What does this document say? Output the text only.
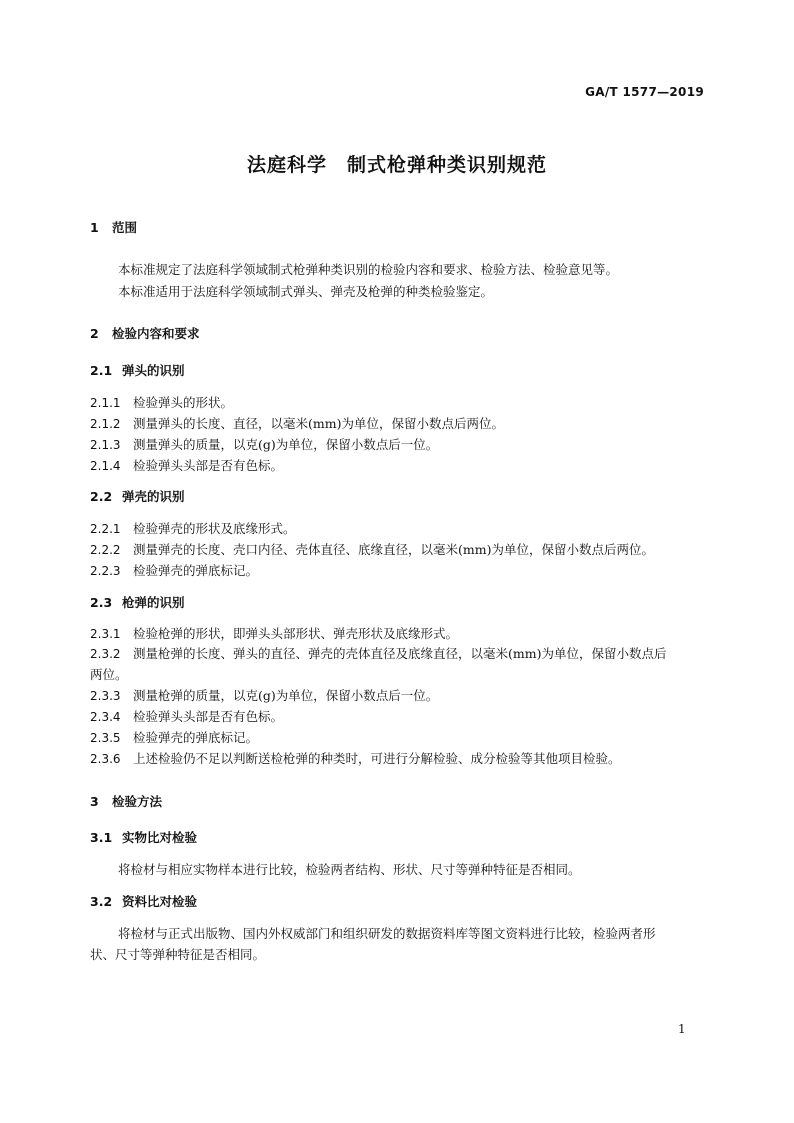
GA/T 1577—2019
法庭科学　制式枪弹种类识别规范
1 范围
本标准规定了法庭科学领域制式枪弹种类识别的检验内容和要求、检验方法、检验意见等。
本标准适用于法庭科学领域制式弹头、弹壳及枪弹的种类检验鉴定。
2 检验内容和要求
2.1 弹头的识别
2.1.1 检验弹头的形状。
2.1.2 测量弹头的长度、直径，以毫米(mm)为单位，保留小数点后两位。
2.1.3 测量弹头的质量，以克(g)为单位，保留小数点后一位。
2.1.4 检验弹头头部是否有色标。
2.2 弹壳的识别
2.2.1 检验弹壳的形状及底缘形式。
2.2.2 测量弹壳的长度、壳口内径、壳体直径、底缘直径，以毫米(mm)为单位，保留小数点后两位。
2.2.3 检验弹壳的弹底标记。
2.3 枪弹的识别
2.3.1 检验枪弹的形状，即弹头头部形状、弹壳形状及底缘形式。
2.3.2 测量枪弹的长度、弹头的直径、弹壳的壳体直径及底缘直径，以毫米(mm)为单位，保留小数点后
两位。
2.3.3 测量枪弹的质量，以克(g)为单位，保留小数点后一位。
2.3.4 检验弹头头部是否有色标。
2.3.5 检验弹壳的弹底标记。
2.3.6 上述检验仍不足以判断送检枪弹的种类时，可进行分解检验、成分检验等其他项目检验。
3 检验方法
3.1 实物比对检验
将检材与相应实物样本进行比较，检验两者结构、形状、尺寸等弹种特征是否相同。
3.2 资料比对检验
将检材与正式出版物、国内外权威部门和组织研发的数据资料库等图文资料进行比较，检验两者形
状、尺寸等弹种特征是否相同。
1
